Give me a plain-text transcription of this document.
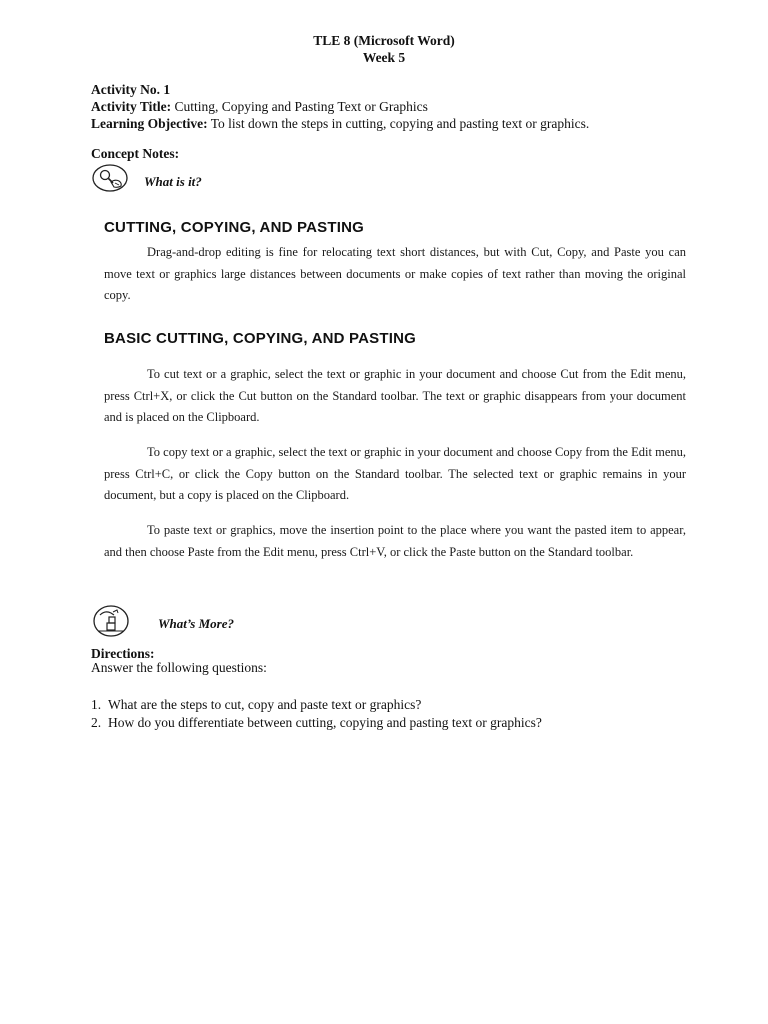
TLE 8 (Microsoft Word)
Week 5
Activity No. 1
Activity Title: Cutting, Copying and Pasting Text or Graphics
Learning Objective: To list down the steps in cutting, copying and pasting text or graphics.
Concept Notes:
What is it?
CUTTING, COPYING, AND PASTING
Drag-and-drop editing is fine for relocating text short distances, but with Cut, Copy, and Paste you can move text or graphics large distances between documents or make copies of text rather than moving the original copy.
BASIC CUTTING, COPYING, AND PASTING
To cut text or a graphic, select the text or graphic in your document and choose Cut from the Edit menu, press Ctrl+X, or click the Cut button on the Standard toolbar. The text or graphic disappears from your document and is placed on the Clipboard.
To copy text or a graphic, select the text or graphic in your document and choose Copy from the Edit menu, press Ctrl+C, or click the Copy button on the Standard toolbar. The selected text or graphic remains in your document, but a copy is placed on the Clipboard.
To paste text or graphics, move the insertion point to the place where you want the pasted item to appear, and then choose Paste from the Edit menu, press Ctrl+V, or click the Paste button on the Standard toolbar.
What’s More?
Directions:
Answer the following questions:
1. What are the steps to cut, copy and paste text or graphics?
2. How do you differentiate between cutting, copying and pasting text or graphics?
